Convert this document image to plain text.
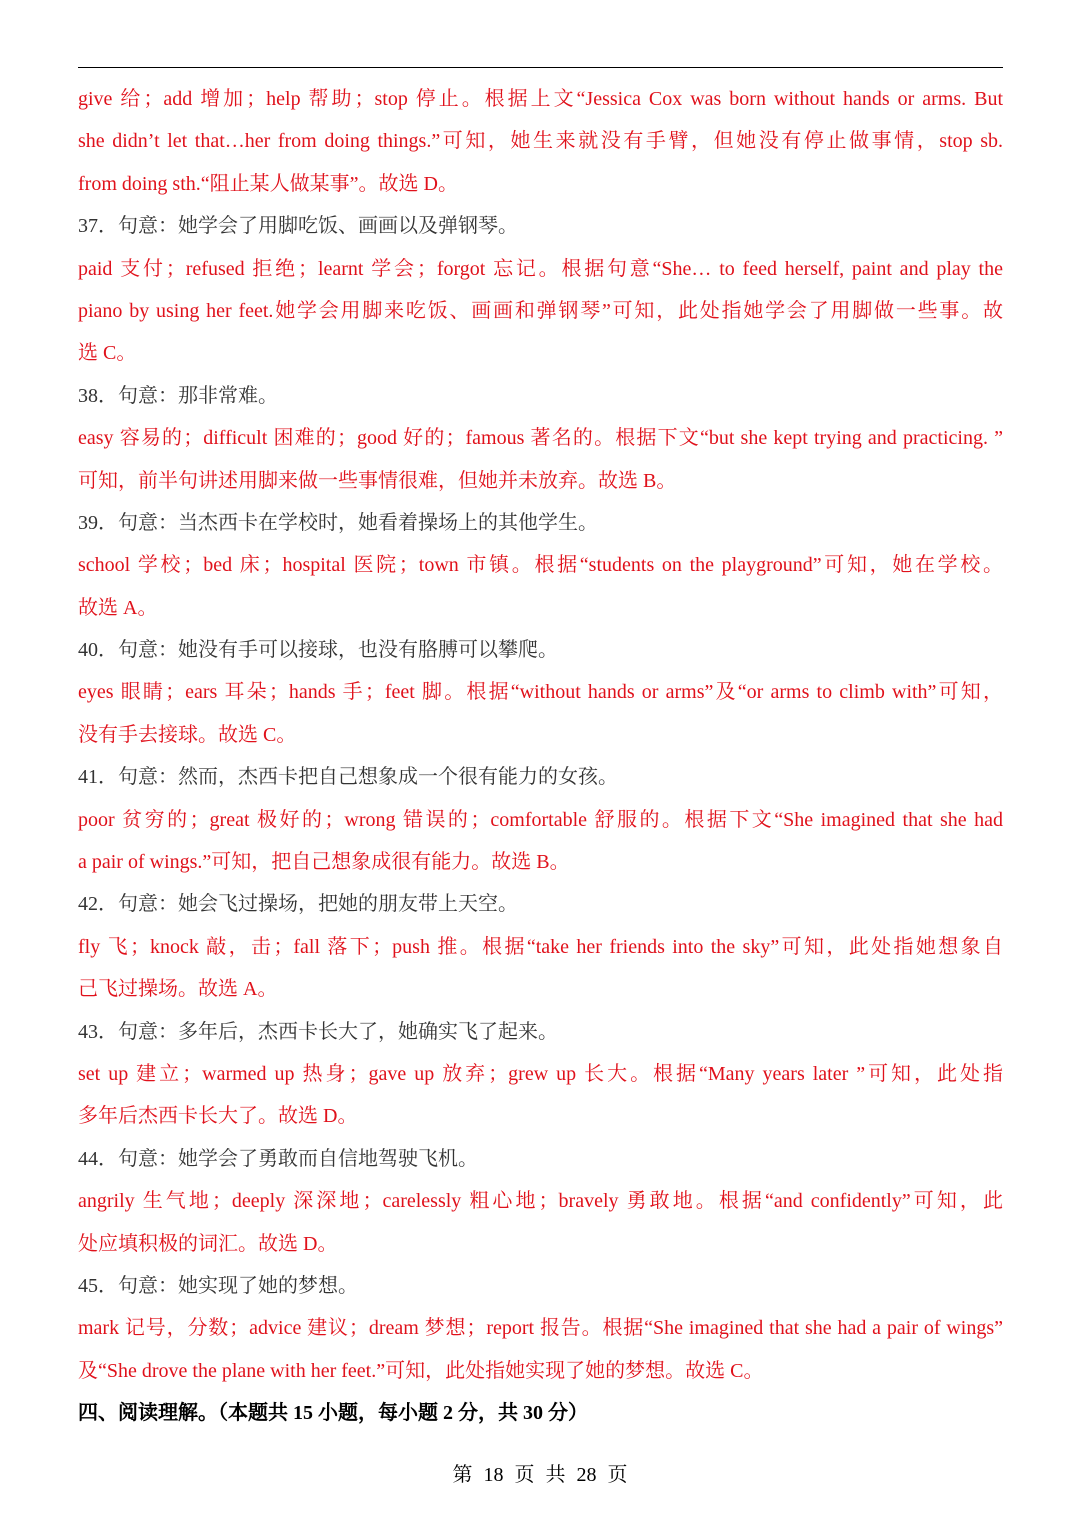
give 给；add 增加；help 帮助；stop 停止。根据上文“Jessica Cox was born without hands or arms. But
she didn’t let that…her from doing things.”可知，她生来就没有手臂，但她没有停止做事情，stop sb.
from doing sth.“阻止某人做某事”。故选 D。
37．句意：她学会了用脚吃饭、画画以及弹钢琴。
paid 支付；refused 拒绝；learnt 学会；forgot 忘记。根据句意“She… to feed herself, paint and play the
piano by using her feet.她学会用脚来吃饭、画画和弹钢琴”可知，此处指她学会了用脚做一些事。故
选 C。
38．句意：那非常难。
easy 容易的；difficult 困难的；good 好的；famous 著名的。根据下文“but she kept trying and practicing. ”
可知，前半句讲述用脚来做一些事情很难，但她并未放弃。故选 B。
39．句意：当杰西卡在学校时，她看着操场上的其他学生。
school 学校；bed 床；hospital 医院；town 市镇。根据“students on the playground”可知，她在学校。
故选 A。
40．句意：她没有手可以接球，也没有胳膊可以攀爬。
eyes 眼睛；ears 耳朵；hands 手；feet 脚。根据“without hands or arms”及“or arms to climb with”可知，
没有手去接球。故选 C。
41．句意：然而，杰西卡把自己想象成一个很有能力的女孩。
poor 贫穷的；great 极好的；wrong 错误的；comfortable 舒服的。根据下文“She imagined that she had
a pair of wings.”可知，把自己想象成很有能力。故选 B。
42．句意：她会飞过操场，把她的朋友带上天空。
fly 飞；knock 敲，击；fall 落下；push 推。根据“take her friends into the sky”可知，此处指她想象自
己飞过操场。故选 A。
43．句意：多年后，杰西卡长大了，她确实飞了起来。
set up 建立；warmed up 热身；gave up 放弃；grew up 长大。根据“Many years later ”可知，此处指
多年后杰西卡长大了。故选 D。
44．句意：她学会了勇敢而自信地驾驶飞机。
angrily 生气地；deeply 深深地；carelessly 粗心地；bravely 勇敢地。根据“and confidently”可知，此
处应填积极的词汇。故选 D。
45．句意：她实现了她的梦想。
mark 记号，分数；advice 建议；dream 梦想；report 报告。根据“She imagined that she had a pair of wings”
及“She drove the plane with her feet.”可知，此处指她实现了她的梦想。故选 C。
四、阅读理解。（本题共 15 小题，每小题 2 分，共 30 分）
第 18 页 共 28 页
